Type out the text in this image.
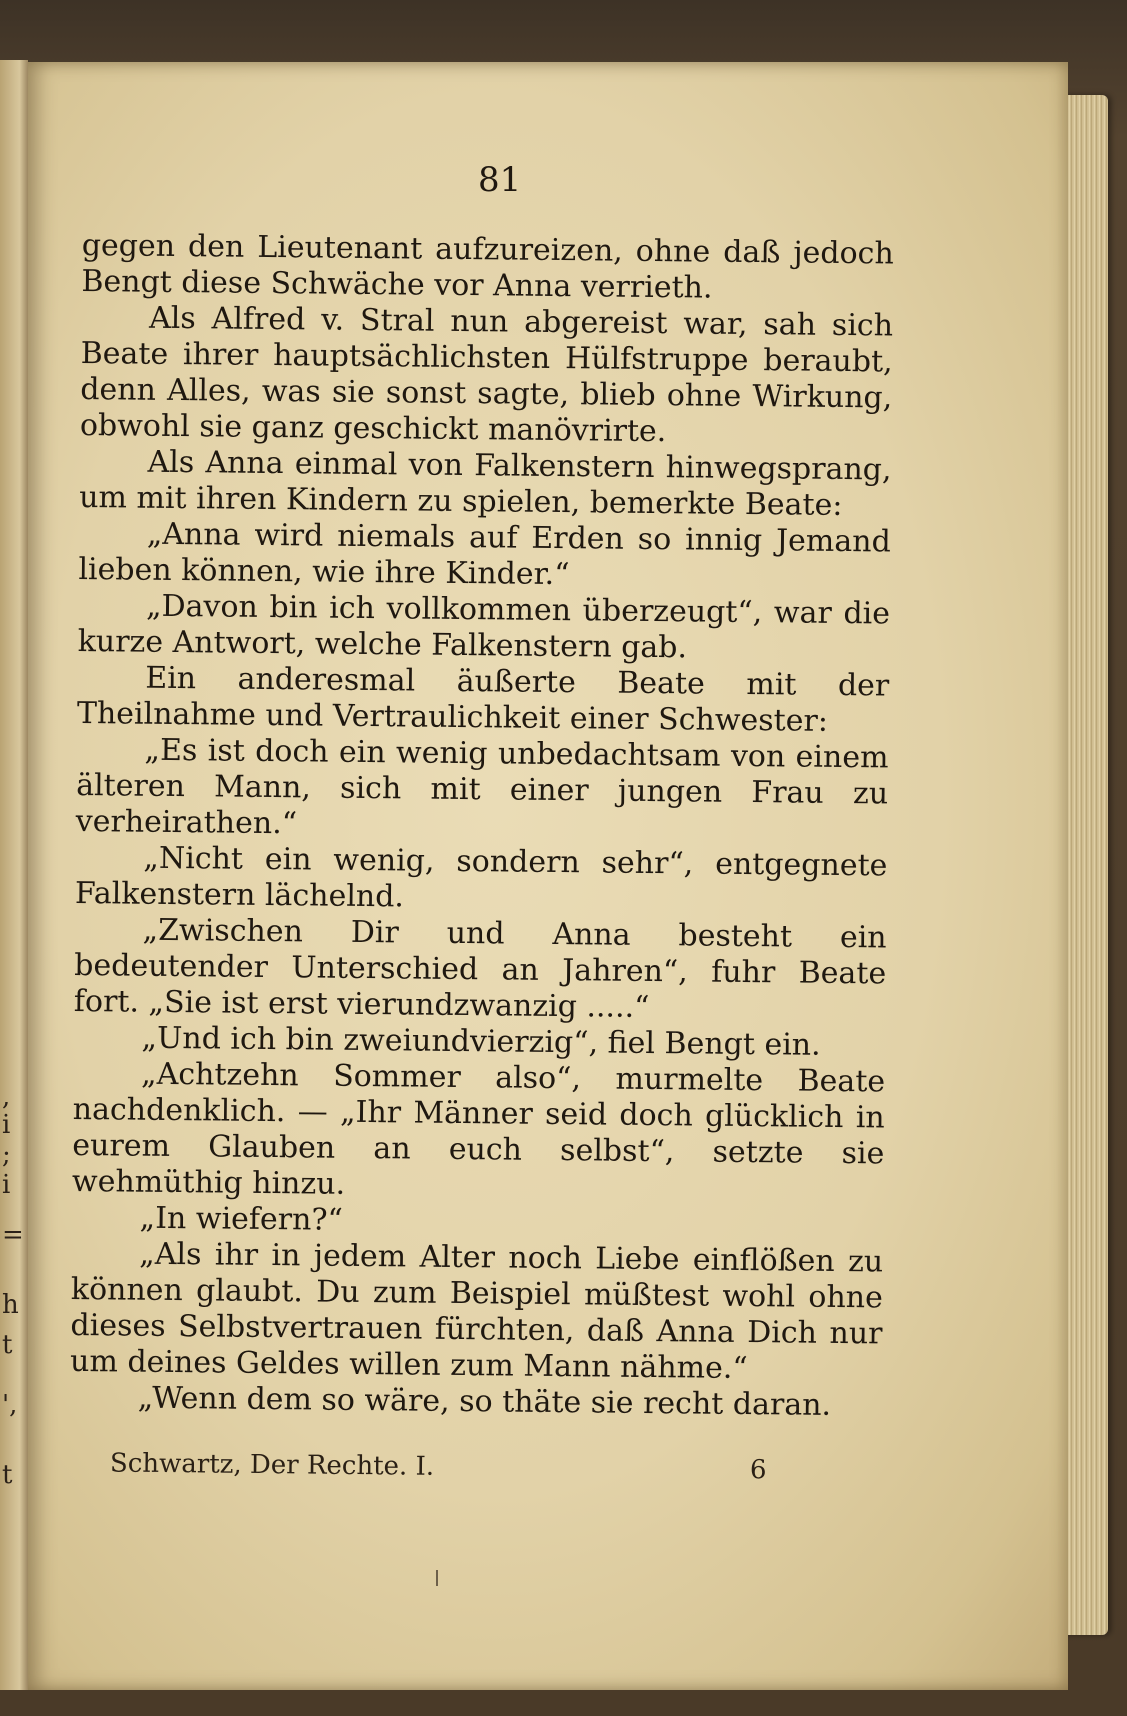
,
i
;
i
=
h
t
',
t
81

gegen den Lieutenant aufzureizen, ohne daß jedoch Bengt diese Schwäche vor Anna verrieth.

Als Alfred v. Stral nun abgereist war, sah sich Beate ihrer hauptsächlichsten Hülfstruppe beraubt, denn Alles, was sie sonst sagte, blieb ohne Wirkung, obwohl sie ganz geschickt manövrirte.

Als Anna einmal von Falkenstern hinwegsprang, um mit ihren Kindern zu spielen, bemerkte Beate:

„Anna wird niemals auf Erden so innig Jemand lieben können, wie ihre Kinder.“

„Davon bin ich vollkommen überzeugt“, war die kurze Antwort, welche Falkenstern gab.

Ein anderesmal äußerte Beate mit der Theilnahme und Vertraulichkeit einer Schwester:

„Es ist doch ein wenig unbedachtsam von einem älteren Mann, sich mit einer jungen Frau zu verheirathen.“

„Nicht ein wenig, sondern sehr“, entgegnete Falkenstern lächelnd.

„Zwischen Dir und Anna besteht ein bedeutender Unterschied an Jahren“, fuhr Beate fort. „Sie ist erst vierundzwanzig .....“

„Und ich bin zweiundvierzig“, fiel Bengt ein.

„Achtzehn Sommer also“, murmelte Beate nachdenklich. — „Ihr Männer seid doch glücklich in eurem Glauben an euch selbst“, setzte sie wehmüthig hinzu.

„In wiefern?“

„Als ihr in jedem Alter noch Liebe einflößen zu können glaubt. Du zum Beispiel müßtest wohl ohne dieses Selbstvertrauen fürchten, daß Anna Dich nur um deines Geldes willen zum Mann nähme.“

„Wenn dem so wäre, so thäte sie recht daran.

Schwartz, Der Rechte. I.	6
